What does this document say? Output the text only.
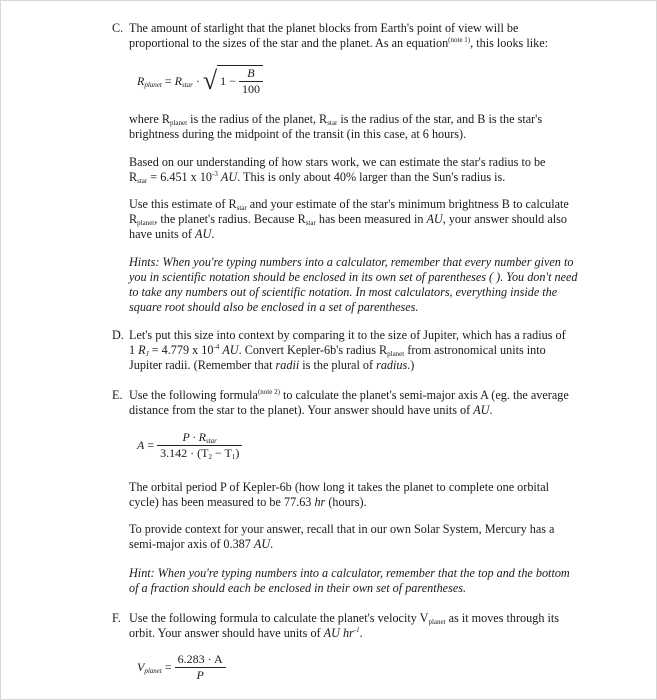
C. The amount of starlight that the planet blocks from Earth's point of view will be
proportional to the sizes of the star and the planet. As an equation$^{(note 1)}$, this looks like:
$R_{planet} = R_{star}$ · √ $1 - \frac{B}{100}$
where $R_{planet}$ is the radius of the planet, $R_{star}$ is the radius of the star, and B is the star's
brightness during the midpoint of the transit (in this case, at 6 hours).
Based on our understanding of how stars work, we can estimate the star's radius to be
$R_{star} = 6.451$ x $10^{-3}$ AU. This is only about 40% larger than the Sun's radius is.
Use this estimate of $R_{star}$ and your estimate of the star's minimum brightness B to calculate
$R_{planet}$, the planet's radius. Because $R_{star}$ has been measured in AU, your answer should also
have units of AU.
Hints: When you're typing numbers into a calculator, remember that every number given to
you in scientific notation should be enclosed in its own set of parentheses ( ). You don't need
to take any numbers out of scientific notation. In most calculators, everything inside the
square root should also be enclosed in a set of parentheses.
D. Let's put this size into context by comparing it to the size of Jupiter, which has a radius of
1 $R_J = 4.779$ x $10^{-4}$ AU. Convert Kepler-6b's radius $R_{planet}$ from astronomical units into
Jupiter radii. (Remember that radii is the plural of radius.)
E. Use the following formula$^{(note 2)}$ to calculate the planet's semi-major axis A (eg. the average
distance from the star to the planet). Your answer should have units of AU.
$A = \frac{P \cdot R_{star}}{3.142 \cdot (T_2 - T_1)}$
The orbital period P of Kepler-6b (how long it takes the planet to complete one orbital
cycle) has been measured to be 77.63 hr (hours).
To provide context for your answer, recall that in our own Solar System, Mercury has a
semi-major axis of 0.387 AU.
Hint: When you're typing numbers into a calculator, remember that the top and the bottom
of a fraction should each be enclosed in their own set of parentheses.
F. Use the following formula to calculate the planet's velocity $V_{planet}$ as it moves through its
orbit. Your answer should have units of AU $hr^{-1}$.
$V_{planet} = \frac{6.283 \cdot A}{P}$
